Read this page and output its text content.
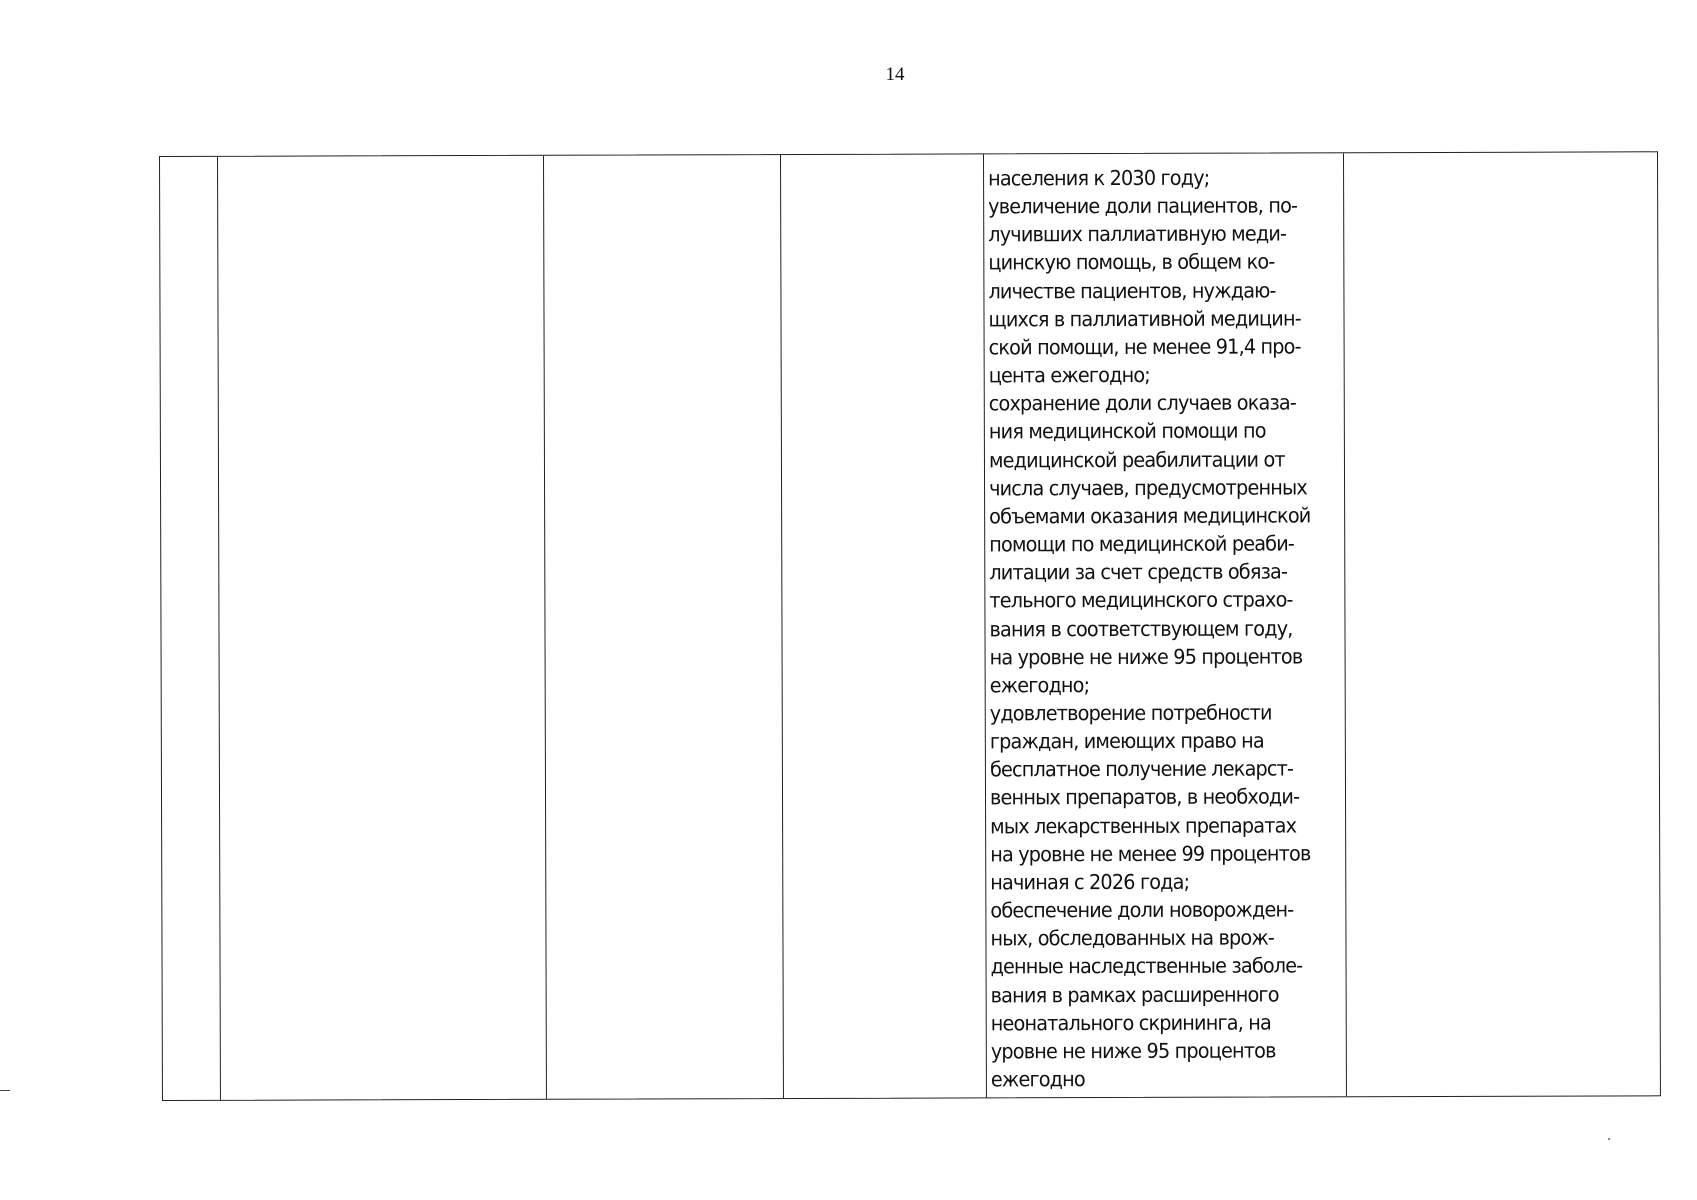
14
населения к 2030 году;
увеличение доли пациентов, по-
лучивших паллиативную меди-
цинскую помощь, в общем ко-
личестве пациентов, нуждаю-
щихся в паллиативной медицин-
ской помощи, не менее 91,4 про-
цента ежегодно;
сохранение доли случаев оказа-
ния медицинской помощи по
медицинской реабилитации от
числа случаев, предусмотренных
объемами оказания медицинской
помощи по медицинской реаби-
литации за счет средств обяза-
тельного медицинского страхо-
вания в соответствующем году,
на уровне не ниже 95 процентов
ежегодно;
удовлетворение потребности
граждан, имеющих право на
бесплатное получение лекарст-
венных препаратов, в необходи-
мых лекарственных препаратах
на уровне не менее 99 процентов
начиная с 2026 года;
обеспечение доли новорожден-
ных, обследованных на врож-
денные наследственные заболе-
вания в рамках расширенного
неонатального скрининга, на
уровне не ниже 95 процентов
ежегодно
